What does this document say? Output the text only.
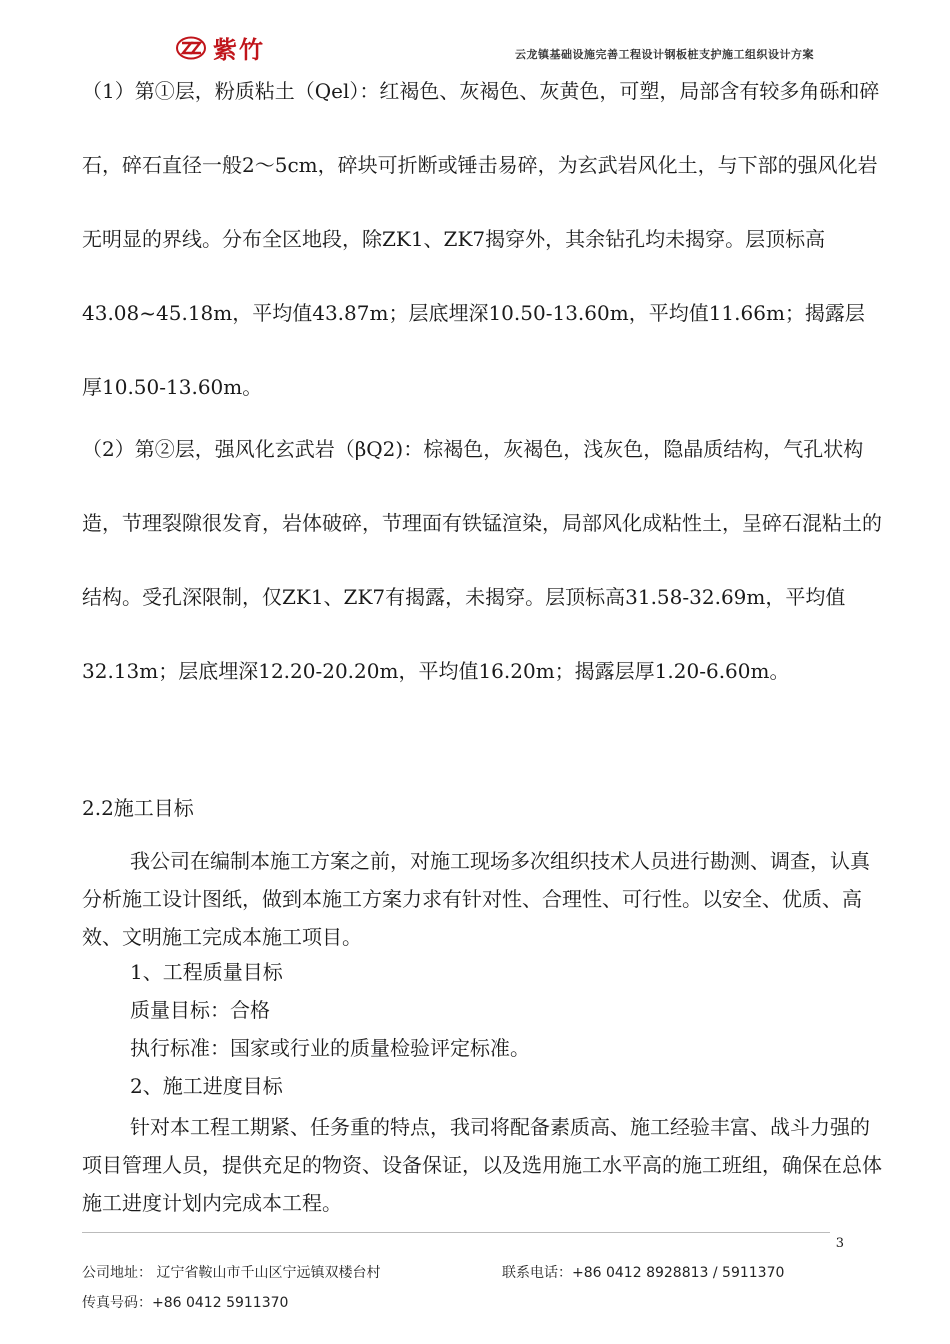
紫竹	云龙镇基础设施完善工程设计钢板桩支护施工组织设计方案

（1）第①层，粉质粘土（Qel）：红褐色、灰褐色、灰黄色，可塑，局部含有较多角砾和碎石，碎石直径一般2～5cm，碎块可折断或锤击易碎，为玄武岩风化土，与下部的强风化岩无明显的界线。分布全区地段，除ZK1、ZK7揭穿外，其余钻孔均未揭穿。层顶标高43.08~45.18m，平均值43.87m；层底埋深10.50-13.60m，平均值11.66m；揭露层厚10.50-13.60m。

（2）第②层，强风化玄武岩（βQ2)：棕褐色，灰褐色，浅灰色，隐晶质结构，气孔状构造，节理裂隙很发育，岩体破碎，节理面有铁锰渲染，局部风化成粘性土，呈碎石混粘土的结构。受孔深限制，仅ZK1、ZK7有揭露，未揭穿。层顶标高31.58-32.69m，平均值32.13m；层底埋深12.20-20.20m，平均值16.20m；揭露层厚1.20-6.60m。

2.2施工目标

我公司在编制本施工方案之前，对施工现场多次组织技术人员进行勘测、调查，认真分析施工设计图纸，做到本施工方案力求有针对性、合理性、可行性。以安全、优质、高效、文明施工完成本施工项目。

1、工程质量目标

质量目标：合格

执行标准：国家或行业的质量检验评定标准。

2、施工进度目标

针对本工程工期紧、任务重的特点，我司将配备素质高、施工经验丰富、战斗力强的项目管理人员，提供充足的物资、设备保证，以及选用施工水平高的施工班组，确保在总体施工进度计划内完成本工程。

3
公司地址： 辽宁省鞍山市千山区宁远镇双楼台村	联系电话：+86 0412 8928813 / 5911370
传真号码：+86 0412 5911370
